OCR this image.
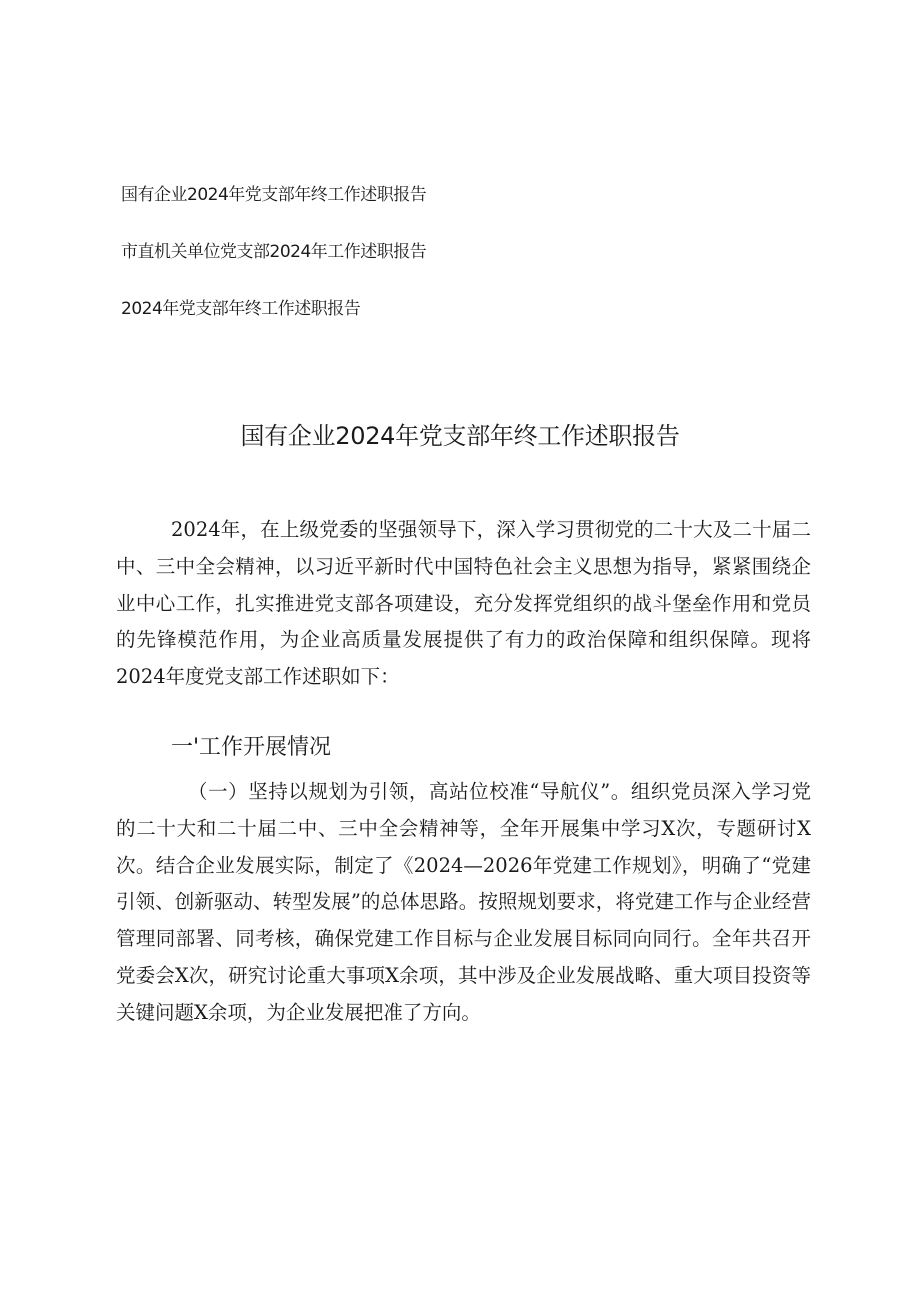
国有企业2024年党支部年终工作述职报告
市直机关单位党支部2024年工作述职报告
2024年党支部年终工作述职报告
国有企业2024年党支部年终工作述职报告

2024年，在上级党委的坚强领导下，深入学习贯彻党的二十大及二十届二中、三中全会精神，以习近平新时代中国特色社会主义思想为指导，紧紧围绕企业中心工作，扎实推进党支部各项建设，充分发挥党组织的战斗堡垒作用和党员的先锋模范作用，为企业高质量发展提供了有力的政治保障和组织保障。现将2024年度党支部工作述职如下：

一'工作开展情况

（一）坚持以规划为引领，高站位校准“导航仪”。组织党员深入学习党的二十大和二十届二中、三中全会精神等，全年开展集中学习X次，专题研讨X次。结合企业发展实际，制定了《2024—2026年党建工作规划》，明确了“党建引领、创新驱动、转型发展”的总体思路。按照规划要求，将党建工作与企业经营管理同部署、同考核，确保党建工作目标与企业发展目标同向同行。全年共召开党委会X次，研究讨论重大事项X余项，其中涉及企业发展战略、重大项目投资等关键问题X余项，为企业发展把准了方向。
